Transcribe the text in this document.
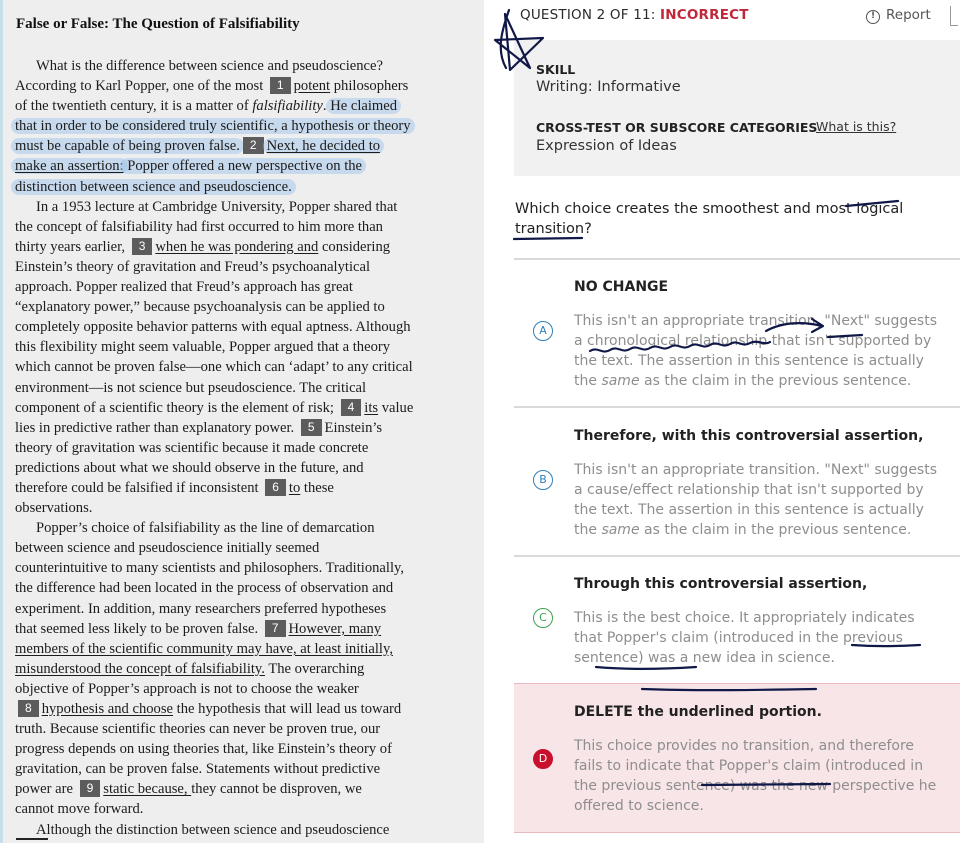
False or False: The Question of Falsifiability
What is the difference between science and pseudoscience?
According to Karl Popper, one of the most 1 potent philosophers
of the twentieth century, it is a matter of falsifiability. He claimed
that in order to be considered truly scientific, a hypothesis or theory
must be capable of being proven false. 2 Next, he decided to
make an assertion: Popper offered a new perspective on the
distinction between science and pseudoscience.
In a 1953 lecture at Cambridge University, Popper shared that
the concept of falsifiability had first occurred to him more than
thirty years earlier, 3 when he was pondering and considering
Einstein’s theory of gravitation and Freud’s psychoanalytical
approach. Popper realized that Freud’s approach has great
“explanatory power,” because psychoanalysis can be applied to
completely opposite behavior patterns with equal aptness. Although
this flexibility might seem valuable, Popper argued that a theory
which cannot be proven false—one which can ‘adapt’ to any critical
environment—is not science but pseudoscience. The critical
component of a scientific theory is the element of risk; 4 its value
lies in predictive rather than explanatory power. 5 Einstein’s
theory of gravitation was scientific because it made concrete
predictions about what we should observe in the future, and
therefore could be falsified if inconsistent 6 to these
observations.
Popper’s choice of falsifiability as the line of demarcation
between science and pseudoscience initially seemed
counterintuitive to many scientists and philosophers. Traditionally,
the difference had been located in the process of observation and
experiment. In addition, many researchers preferred hypotheses
that seemed less likely to be proven false. 7 However, many
members of the scientific community may have, at least initially,
misunderstood the concept of falsifiability. The overarching
objective of Popper’s approach is not to choose the weaker
8 hypothesis and choose the hypothesis that will lead us toward
truth. Because scientific theories can never be proven true, our
progress depends on using theories that, like Einstein’s theory of
gravitation, can be proven false. Statements without predictive
power are 9 static because, they cannot be disproven, we
cannot move forward.
Although the distinction between science and pseudoscience
QUESTION 2 OF 11: INCORRECT	! Report
SKILL
Writing: Informative
CROSS-TEST OR SUBSCORE CATEGORIES
What is this?
Expression of Ideas
Which choice creates the smoothest and most logical transition?
NO CHANGE
A
This isn't an appropriate transition. "Next" suggests a chronological relationship that isn't supported by the text. The assertion in this sentence is actually the same as the claim in the previous sentence.
Therefore, with this controversial assertion,
B
This isn't an appropriate transition. "Next" suggests a cause/effect relationship that isn't supported by the text. The assertion in this sentence is actually the same as the claim in the previous sentence.
Through this controversial assertion,
C	This is the best choice. It appropriately indicates that Popper's claim (introduced in the previous sentence) was a new idea in science.
DELETE the underlined portion.
D
This choice provides no transition, and therefore fails to indicate that Popper's claim (introduced in the previous sentence) was the new perspective he offered to science.
